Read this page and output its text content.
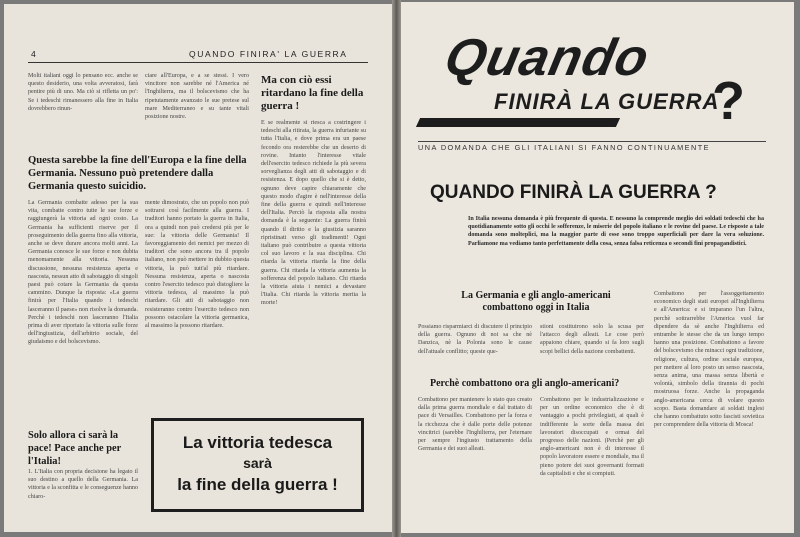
4	QUANDO FINIRA' LA GUERRA
Molti italiani oggi lo pensano ecc. anche se questo desiderio, una volta avveratosi, farà pentire più di uno. Ma ciò si rifletta un po': Se i tedeschi rimanessero alla fine in Italia dovrebbero rinun-
ciare all'Europa, e a se stessi. I vero vincitore non sarebbe né l'America né l'Inghilterra, ma il bolscevismo che ha ripetutamente avanzato le sue pretese sul mare Mediterraneo e su tante vitali posizione nostre.
Ma con ciò essi ritardano la fine della guerra !
E se realmente si riesca a costringere i tedeschi alla ritirata, la guerra infuriante su tutta l'Italia, e dove prima era un paese fecondo ora resterebbe che un deserto di rovine. Intanto l'interesse vitale dell'esercito tedesco richiede la più severa sorveglianza degli atti di sabotaggio e di resistenza. E dopo quello che si è detto, ognuno deve capire chiaramente che questo modo d'agire è nell'interesse della fine della guerra e quindi nell'interesse dell'Italia. Perciò la risposta alla nostra domanda è la seguente: La guerra finirà quando il diritto e la giustizia saranno ripristinati verso gli tradimenti! Ogni italiano può contribuire a questa vittoria col suo lavoro e la sua disciplina. Chi ritarda la vittoria ritarda la fine della guerra. Chi ritarda la vittoria aumenta la sofferenza del popolo italiano. Chi ritarda la vittoria aiuta i nemici a devastare l'Italia. Chi ritarda la vittoria merita la morte!
Questa sarebbe la fine dell'Europa e la fine della Germania. Nessuno può pretendere dalla Germania questo suicidio.
La Germania combatte adesso per la sua vita, combatte contro tutte le sue forze e raggiungerà la vittoria ad ogni costo. La Germania ha sufficienti riserve per il proseguimento della guerra fino alla vittoria, anche se deve durare ancora molti anni. La Germania conosce le sue forze e non dubita menomamente alla vittoria. Nessuna discussione, nessuna resistenza aperta e nascosta, nessun atto di sabotaggio di singoli paesi può cotare la Germania da questa cammino. Dunque la risposta: «La guerra finirà per l'Italia quando i tedeschi lasceranno il paese» non risolve la domanda. Perchè i tedeschi non lasceranno l'Italia prima di aver riportato la vittoria sulle forze dell'ingiustizia, dell'arbitrio sociale, del giudaismo e del bolscevismo.
mente dimostrato, che un popolo non può sottrarsi così facilmente alla guerra. I traditori hanno portato la guerra in Italia, ora a quindi non può credersi più per le sue: la vittoria delle Germania! Il favoreggiamento dei nemici per mezzo di traditori che sono ancora tra il popolo italiano, non può mettere in dubbio questa vittoria, la può tutt'al più ritardare. Nessuna resistenza, aperta o nascosta contro l'esercito tedesco può distogliere la vittoria tedesca, al massimo la può ritardare. Gli atti di sabotaggio non resisteranno contro l'esercito tedesco non possono ostacolare la vittoria germanica, al massimo la possono ritardare.
Solo allora ci sarà la pace! Pace anche per l'Italia!
1. L'Italia con propria decisione ha legato il suo destino a quello della Germania. La vittoria e la sconfitta e le conseguenze hanno chiaro-
La vittoria tedesca
sarà
la fine della guerra !
Quando
FINIRÀ LA GUERRA
?
UNA DOMANDA CHE GLI ITALIANI SI FANNO CONTINUAMENTE
QUANDO FINIRÀ LA GUERRA ?
In Italia nessuna domanda è più frequente di questa. E nessuno la comprende meglio dei soldati tedeschi che ha quotidianamente sotto gli occhi le sofferenze, le miserie del popolo italiano e le rovine del paese. Le risposte a tale domanda sono molteplici, ma la maggior parte di esse sono troppo superficiali per dare la vera soluzione. Parliamone ma vediamo tanto perfettamente della cosa, senza falsa reticenza o secondi fini propagandistici.
La Germania e gli anglo-americani combattono oggi in Italia
Possiamo risparmiarci di discutere il principio della guerra. Ognuno di noi sa che nè Danzica, nè la Polonia sono le cause dell'attuale conflitto; queste que-
stioni costituirono solo la scusa per l'attacco degli alleati. Le cose però appaiono chiare, quando si fa loro sugli scopi bellici della nazione combattenti.
Perchè combattono ora gli anglo-americani?
Combattono per mantenere lo stato quo creato dalla prima guerra mondiale e dal trattato di pace di Versailles. Combattono per la forza e la ricchezza che è dalle porte delle potenze vincitrici (sarebbe l'Inghilterra, per l'eternare per sempre l'ingiusto trattamento della Germania e dei suoi alleati.
Combattono per le industrializzazione e per un ordine economico che è di vantaggio a pochi privilegiati, ai quali è indifferente la sorte della massa dei lavoratori disoccupati e ormai del progresso delle nazioni. (Perchè per gli anglo-americani non è di interesse il popolo lavoratore essere e mondiale, ma il pieno potere dei suoi governanti formati da capitalisti e che si compiuti.
Combattono per l'assoggettamento economico degli stati europei all'Inghilterra e all'America: e si imparano l'un l'altra, perchè sottrarrebbe l'America vuol far dipendere da sè anche l'Inghilterra ed entrambe le stesse che da un lungo tempo hanno una posizione. Combattono a favore del bolscevismo che minacci ogni tradizione, religione, cultura, ordine sociale europea, per mettere al loro posto un senso nascosta, senza anima, una massa senza libertà e volontà, simbolo della tirannia di pochi mostruosa forze. Anche la propaganda anglo-americana cerca di volare questo scopo. Basta domandare ai soldati inglesi che hanno combattuto sotto fascisti sovietica per comprendere della vittoria di Mosca!
